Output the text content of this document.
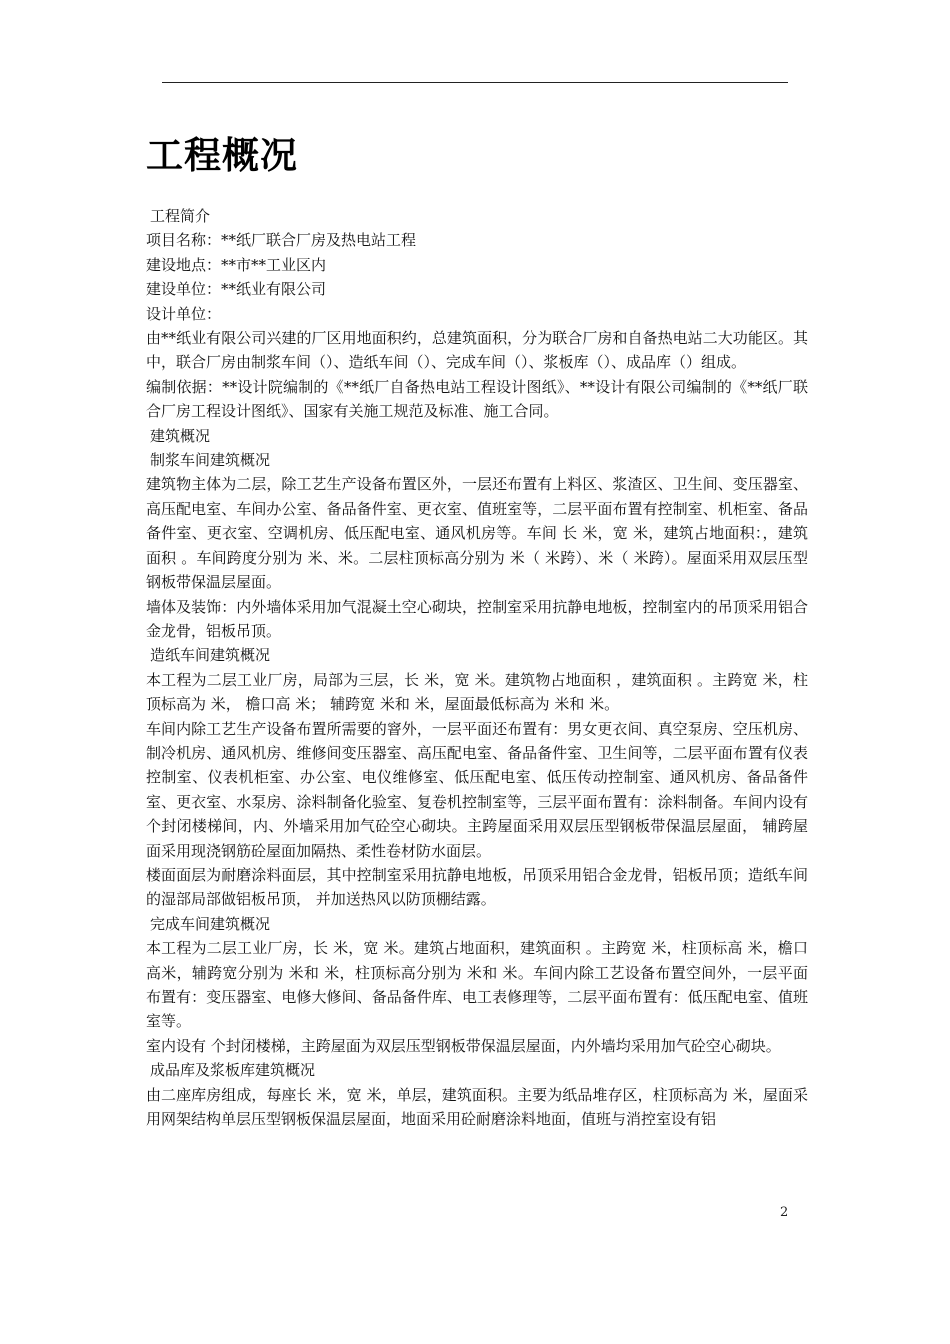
工程概况

工程简介

项目名称：**纸厂联合厂房及热电站工程

建设地点：**市**工业区内

建设单位：**纸业有限公司

设计单位：

由**纸业有限公司兴建的厂区用地面积约，总建筑面积，分为联合厂房和自备热电站二大功能区。其中，联合厂房由制浆车间（）、造纸车间（）、完成车间（）、浆板库（）、成品库（）组成。

编制依据：**设计院编制的《**纸厂自备热电站工程设计图纸》、**设计有限公司编制的《**纸厂联合厂房工程设计图纸》、国家有关施工规范及标准、施工合同。

建筑概况

制浆车间建筑概况

建筑物主体为二层，除工艺生产设备布置区外，一层还布置有上料区、浆渣区、卫生间、变压器室、高压配电室、车间办公室、备品备件室、更衣室、值班室等，二层平面布置有控制室、机柜室、备品备件室、更衣室、空调机房、低压配电室、通风机房等。车间 长 米，宽 米，建筑占地面积：，建筑面积 。车间跨度分别为 米、米。二层柱顶标高分别为 米（ 米跨）、米（ 米跨）。屋面采用双层压型钢板带保温层屋面。

墙体及装饰：内外墙体采用加气混凝土空心砌块，控制室采用抗静电地板，控制室内的吊顶采用铝合金龙骨，铝板吊顶。

造纸车间建筑概况

本工程为二层工业厂房，局部为三层，长 米，宽 米。建筑物占地面积 ，建筑面积 。主跨宽 米，柱顶标高为 米， 檐口高 米； 辅跨宽 米和 米，屋面最低标高为 米和 米。

车间内除工艺生产设备布置所需要的窨外，一层平面还布置有：男女更衣间、真空泵房、空压机房、制冷机房、通风机房、维修间变压器室、高压配电室、备品备件室、卫生间等，二层平面布置有仪表控制室、仪表机柜室、办公室、电仪维修室、低压配电室、低压传动控制室、通风机房、备品备件室、更衣室、水泵房、涂料制备化验室、复卷机控制室等，三层平面布置有：涂料制备。车间内设有 个封闭楼梯间，内、外墙采用加气砼空心砌块。主跨屋面采用双层压型钢板带保温层屋面， 辅跨屋面采用现浇钢筋砼屋面加隔热、柔性卷材防水面层。

楼面面层为耐磨涂料面层，其中控制室采用抗静电地板，吊顶采用铝合金龙骨，铝板吊顶；造纸车间的湿部局部做铝板吊顶， 并加送热风以防顶棚结露。

完成车间建筑概况

本工程为二层工业厂房，长 米，宽 米。建筑占地面积，建筑面积 。主跨宽 米，柱顶标高 米，檐口高米，辅跨宽分别为 米和 米，柱顶标高分别为 米和 米。车间内除工艺设备布置空间外，一层平面布置有：变压器室、电修大修间、备品备件库、电工表修理等，二层平面布置有：低压配电室、值班室等。

室内设有 个封闭楼梯，主跨屋面为双层压型钢板带保温层屋面，内外墙均采用加气砼空心砌块。

成品库及浆板库建筑概况

由二座库房组成，每座长 米，宽 米，单层，建筑面积。主要为纸品堆存区，柱顶标高为 米，屋面采用网架结构单层压型钢板保温层屋面，地面采用砼耐磨涂料地面，值班与消控室设有铝

2
